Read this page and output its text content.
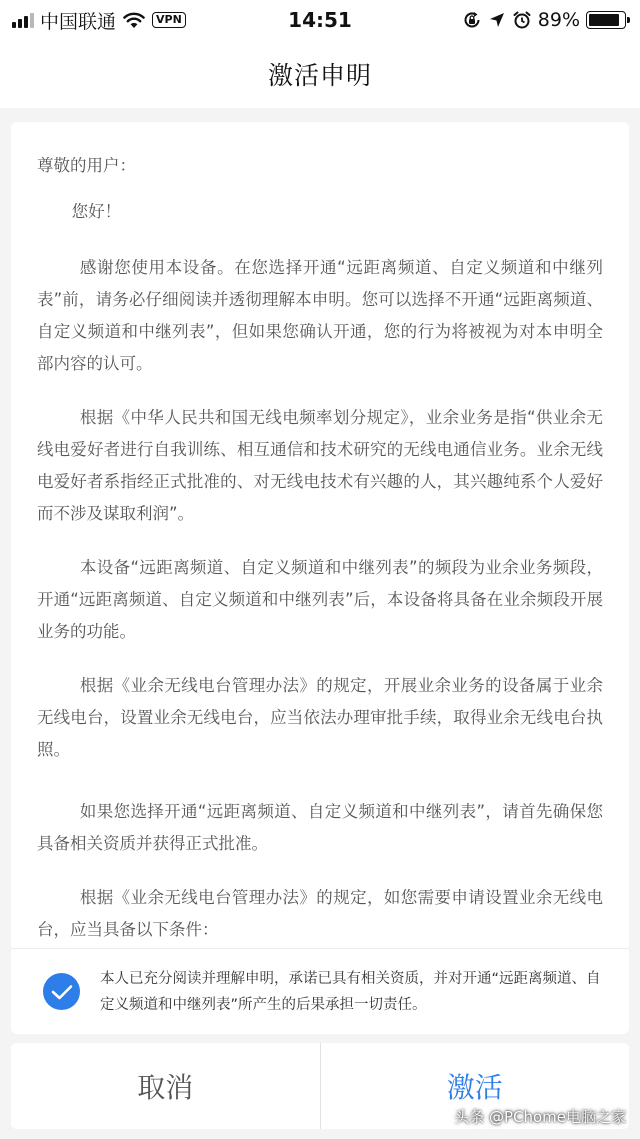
中国联通	VPN	14:51	89%
激活申明

尊敬的用户：

您好！

感谢您使用本设备。在您选择开通“远距离频道、自定义频道和中继列表”前，请务必仔细阅读并透彻理解本申明。您可以选择不开通“远距离频道、自定义频道和中继列表”，但如果您确认开通，您的行为将被视为对本申明全部内容的认可。

根据《中华人民共和国无线电频率划分规定》，业余业务是指“供业余无线电爱好者进行自我训练、相互通信和技术研究的无线电通信业务。业余无线电爱好者系指经正式批准的、对无线电技术有兴趣的人，其兴趣纯系个人爱好而不涉及谋取利润”。

本设备“远距离频道、自定义频道和中继列表”的频段为业余业务频段，开通“远距离频道、自定义频道和中继列表”后，本设备将具备在业余频段开展业务的功能。

根据《业余无线电台管理办法》的规定，开展业余业务的设备属于业余无线电台，设置业余无线电台，应当依法办理审批手续，取得业余无线电台执照。

如果您选择开通“远距离频道、自定义频道和中继列表”，请首先确保您具备相关资质并获得正式批准。

根据《业余无线电台管理办法》的规定，如您需要申请设置业余无线电台，应当具备以下条件：

本人已充分阅读并理解申明，承诺已具有相关资质，并对开通“远距离频道、自定义频道和中继列表”所产生的后果承担一切责任。
取消	激活
头条 @PChome电脑之家
